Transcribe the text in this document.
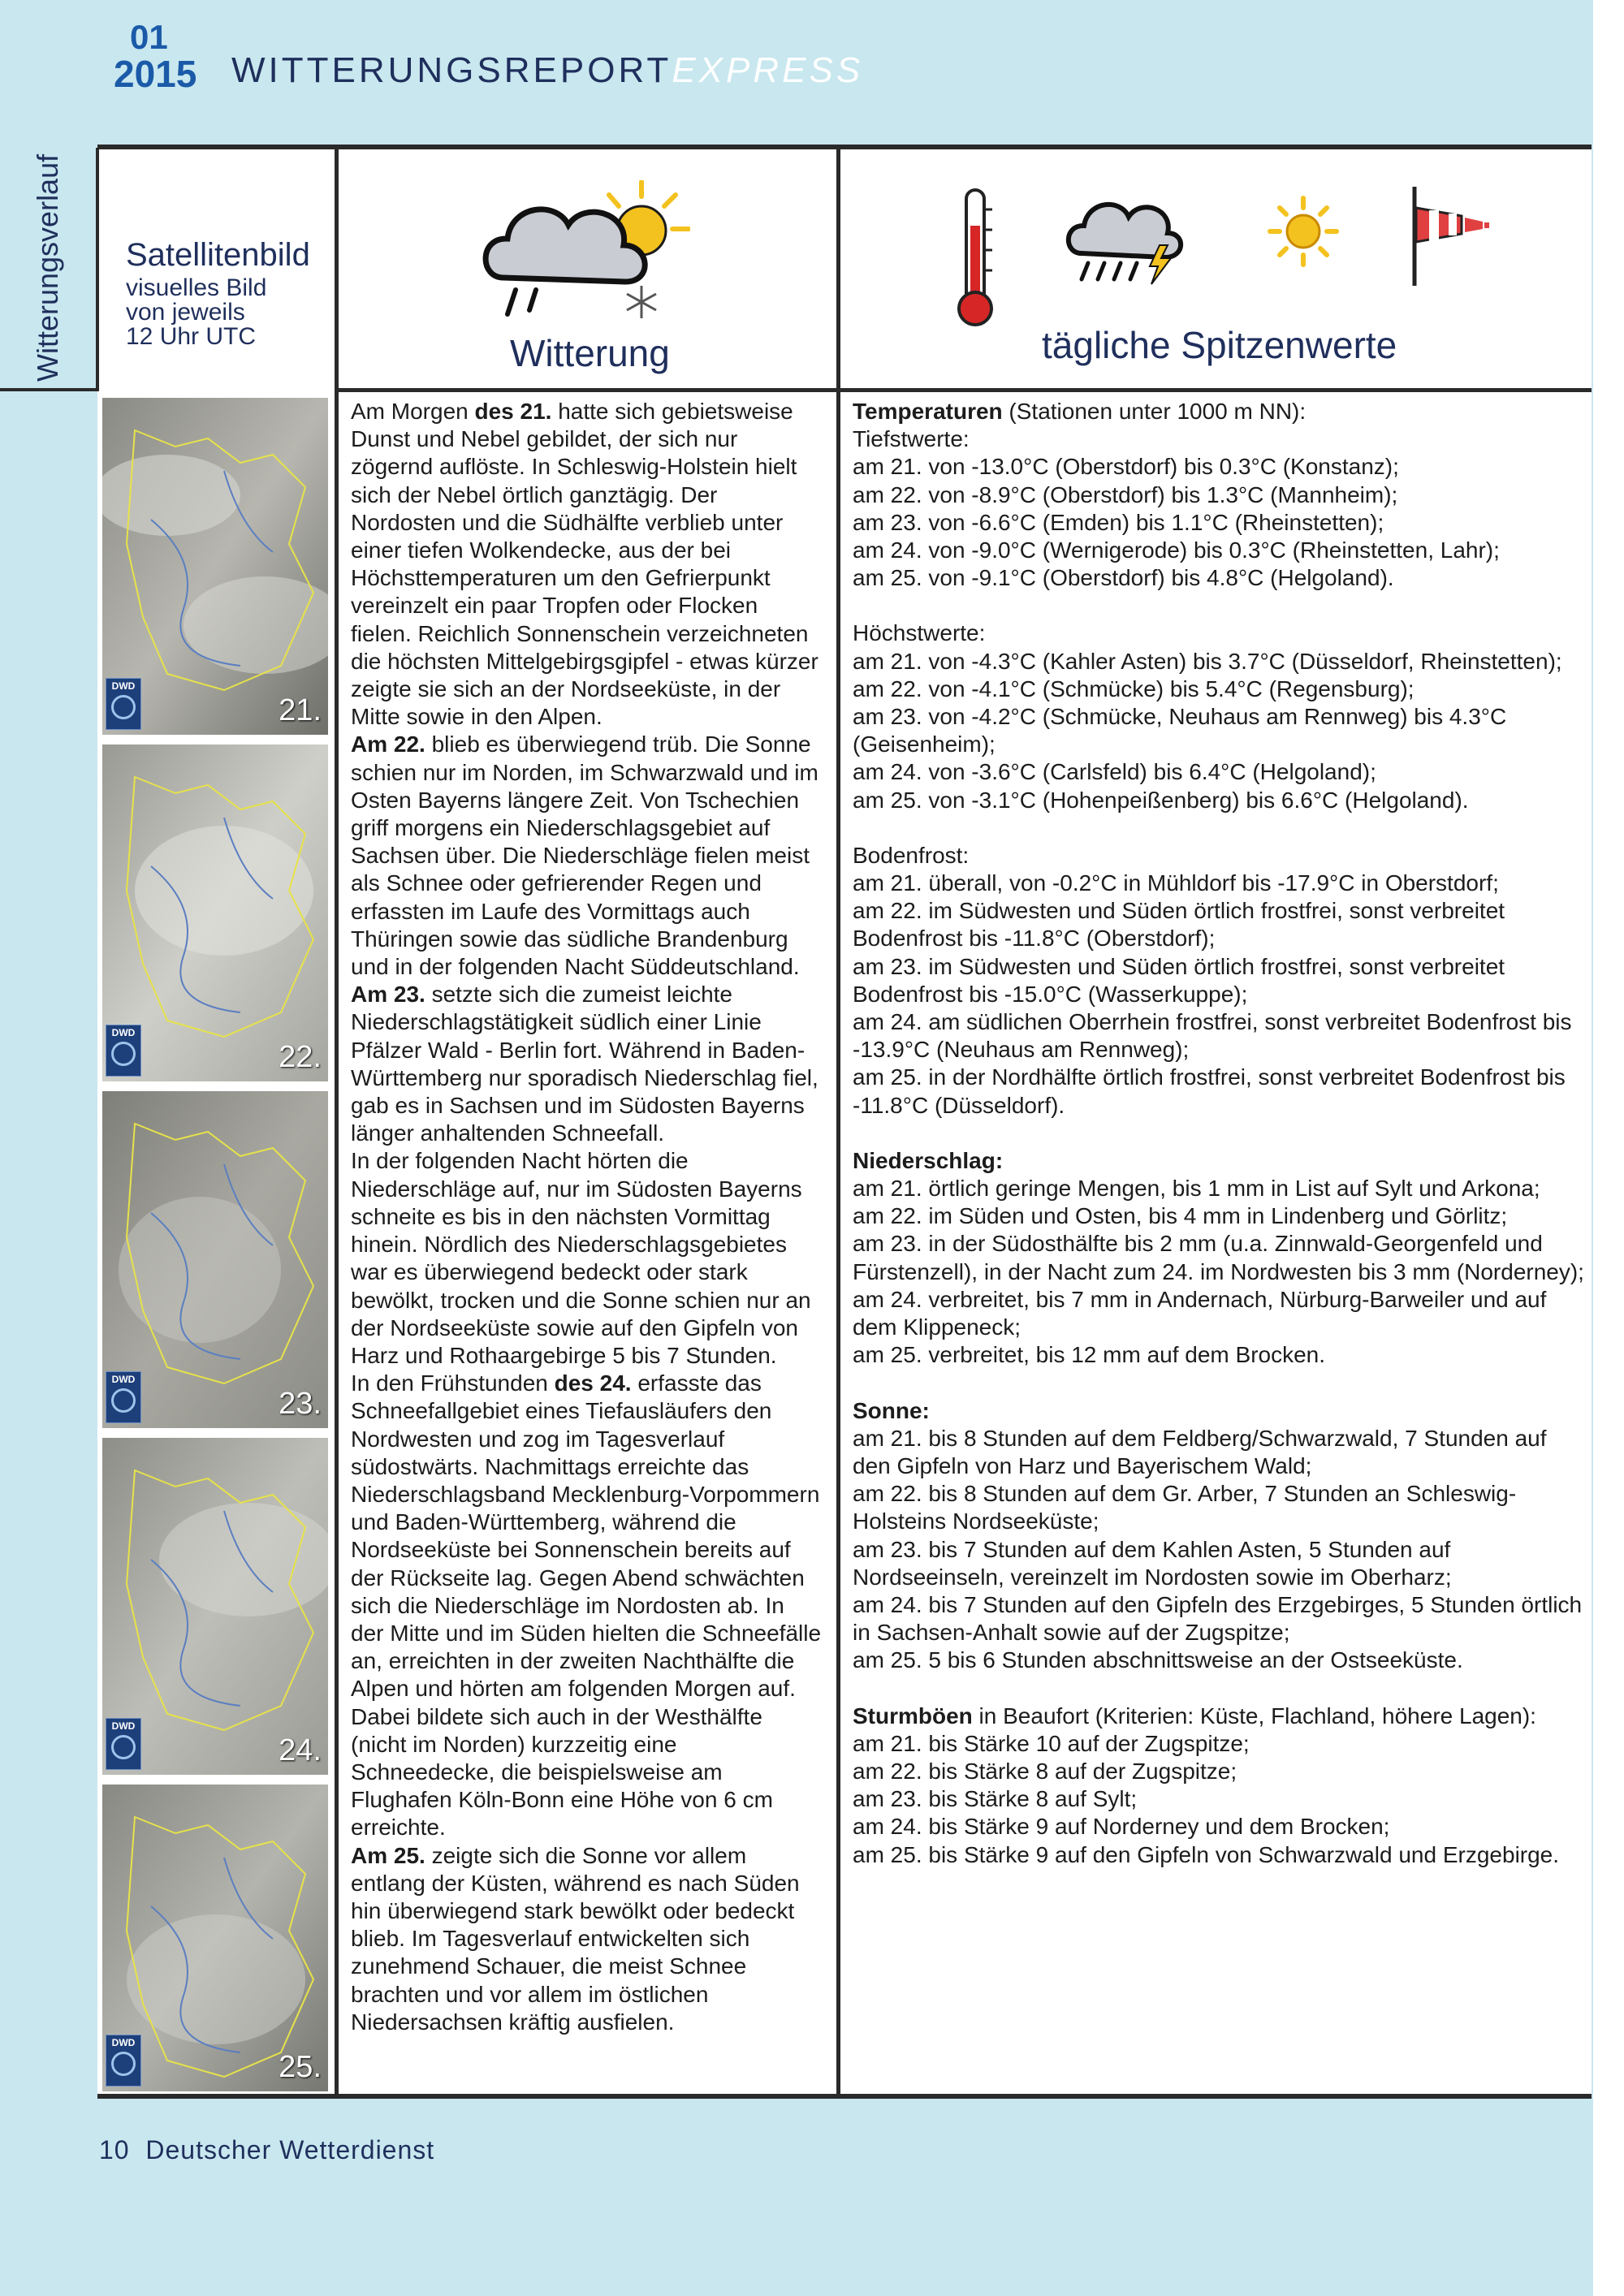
01
2015 WITTERUNGSREPORTEXPRESS
Witterungsverlauf Satellitenbild
visuelles Bild
von jeweils
12 Uhr UTC	Witterung	tägliche Spitzenwerte
DWD
21.
DWD
22.
DWD
23.
DWD
24.
DWD
25.

Am Morgen des 21. hatte sich gebietsweise Dunst und Nebel gebildet, der sich nur zögernd auflöste. In Schleswig-Holstein hielt sich der Nebel örtlich ganztägig. Der Nordosten und die Südhälfte verblieb unter einer tiefen Wolkendecke, aus der bei Höchsttemperaturen um den Gefrierpunkt vereinzelt ein paar Tropfen oder Flocken fielen. Reichlich Sonnenschein verzeichneten die höchsten Mittelgebirgsgipfel - etwas kürzer zeigte sie sich an der Nordseeküste, in der Mitte sowie in den Alpen.

Am 22. blieb es überwiegend trüb. Die Sonne schien nur im Norden, im Schwarzwald und im Osten Bayerns längere Zeit. Von Tschechien griff morgens ein Niederschlagsgebiet auf Sachsen über. Die Niederschläge fielen meist als Schnee oder gefrierender Regen und erfassten im Laufe des Vormittags auch Thüringen sowie das südliche Brandenburg und in der folgenden Nacht Süddeutschland.

Am 23. setzte sich die zumeist leichte Niederschlagstätigkeit südlich einer Linie Pfälzer Wald - Berlin fort. Während in Baden-Württemberg nur sporadisch Niederschlag fiel, gab es in Sachsen und im Südosten Bayerns länger anhaltenden Schneefall.

In der folgenden Nacht hörten die Niederschläge auf, nur im Südosten Bayerns schneite es bis in den nächsten Vormittag hinein. Nördlich des Niederschlagsgebietes war es überwiegend bedeckt oder stark bewölkt, trocken und die Sonne schien nur an der Nordseeküste sowie auf den Gipfeln von Harz und Rothaargebirge 5 bis 7 Stunden.

In den Frühstunden des 24. erfasste das Schneefallgebiet eines Tiefausläufers den Nordwesten und zog im Tagesverlauf südostwärts. Nachmittags erreichte das Niederschlagsband Mecklenburg-Vorpommern und Baden-Württemberg, während die Nordseeküste bei Sonnenschein bereits auf der Rückseite lag. Gegen Abend schwächten sich die Niederschläge im Nordosten ab. In der Mitte und im Süden hielten die Schneefälle an, erreichten in der zweiten Nachthälfte die Alpen und hörten am folgenden Morgen auf. Dabei bildete sich auch in der Westhälfte (nicht im Norden) kurzzeitig eine Schneedecke, die beispielsweise am Flughafen Köln-Bonn eine Höhe von 6 cm erreichte.

Am 25. zeigte sich die Sonne vor allem entlang der Küsten, während es nach Süden hin überwiegend stark bewölkt oder bedeckt blieb. Im Tagesverlauf entwickelten sich zunehmend Schauer, die meist Schnee brachten und vor allem im östlichen Niedersachsen kräftig ausfielen.

Temperaturen (Stationen unter 1000 m NN):

Tiefstwerte:

am 21. von -13.0°C (Oberstdorf) bis 0.3°C (Konstanz);

am 22. von -8.9°C (Oberstdorf) bis 1.3°C (Mannheim);

am 23. von -6.6°C (Emden) bis 1.1°C (Rheinstetten);

am 24. von -9.0°C (Wernigerode) bis 0.3°C (Rheinstetten, Lahr);

am 25. von -9.1°C (Oberstdorf) bis 4.8°C (Helgoland).

Höchstwerte:

am 21. von -4.3°C (Kahler Asten) bis 3.7°C (Düsseldorf, Rheinstetten);

am 22. von -4.1°C (Schmücke) bis 5.4°C (Regensburg);

am 23. von -4.2°C (Schmücke, Neuhaus am Rennweg) bis 4.3°C (Geisenheim);

am 24. von -3.6°C (Carlsfeld) bis 6.4°C (Helgoland);

am 25. von -3.1°C (Hohenpeißenberg) bis 6.6°C (Helgoland).

Bodenfrost:

am 21. überall, von -0.2°C in Mühldorf bis -17.9°C in Oberstdorf;

am 22. im Südwesten und Süden örtlich frostfrei, sonst verbreitet Bodenfrost bis -11.8°C (Oberstdorf);

am 23. im Südwesten und Süden örtlich frostfrei, sonst verbreitet Bodenfrost bis -15.0°C (Wasserkuppe);

am 24. am südlichen Oberrhein frostfrei, sonst verbreitet Bodenfrost bis -13.9°C (Neuhaus am Rennweg);

am 25. in der Nordhälfte örtlich frostfrei, sonst verbreitet Bodenfrost bis -11.8°C (Düsseldorf).

Niederschlag:

am 21. örtlich geringe Mengen, bis 1 mm in List auf Sylt und Arkona;

am 22. im Süden und Osten, bis 4 mm in Lindenberg und Görlitz;

am 23. in der Südosthälfte bis 2 mm (u.a. Zinnwald-Georgenfeld und Fürstenzell), in der Nacht zum 24. im Nordwesten bis 3 mm (Norderney);

am 24. verbreitet, bis 7 mm in Andernach, Nürburg-Barweiler und auf dem Klippeneck;

am 25. verbreitet, bis 12 mm auf dem Brocken.

Sonne:

am 21. bis 8 Stunden auf dem Feldberg/Schwarzwald, 7 Stunden auf den Gipfeln von Harz und Bayerischem Wald;

am 22. bis 8 Stunden auf dem Gr. Arber, 7 Stunden an Schleswig-Holsteins Nordseeküste;

am 23. bis 7 Stunden auf dem Kahlen Asten, 5 Stunden auf Nordseeinseln, vereinzelt im Nordosten sowie im Oberharz;

am 24. bis 7 Stunden auf den Gipfeln des Erzgebirges, 5 Stunden örtlich in Sachsen-Anhalt sowie auf der Zugspitze;

am 25. 5 bis 6 Stunden abschnittsweise an der Ostseeküste.

Sturmböen in Beaufort (Kriterien: Küste, Flachland, höhere Lagen):

am 21. bis Stärke 10 auf der Zugspitze;

am 22. bis Stärke 8 auf der Zugspitze;

am 23. bis Stärke 8 auf Sylt;

am 24. bis Stärke 9 auf Norderney und dem Brocken;

am 25. bis Stärke 9 auf den Gipfeln von Schwarzwald und Erzgebirge.

10 Deutscher Wetterdienst
